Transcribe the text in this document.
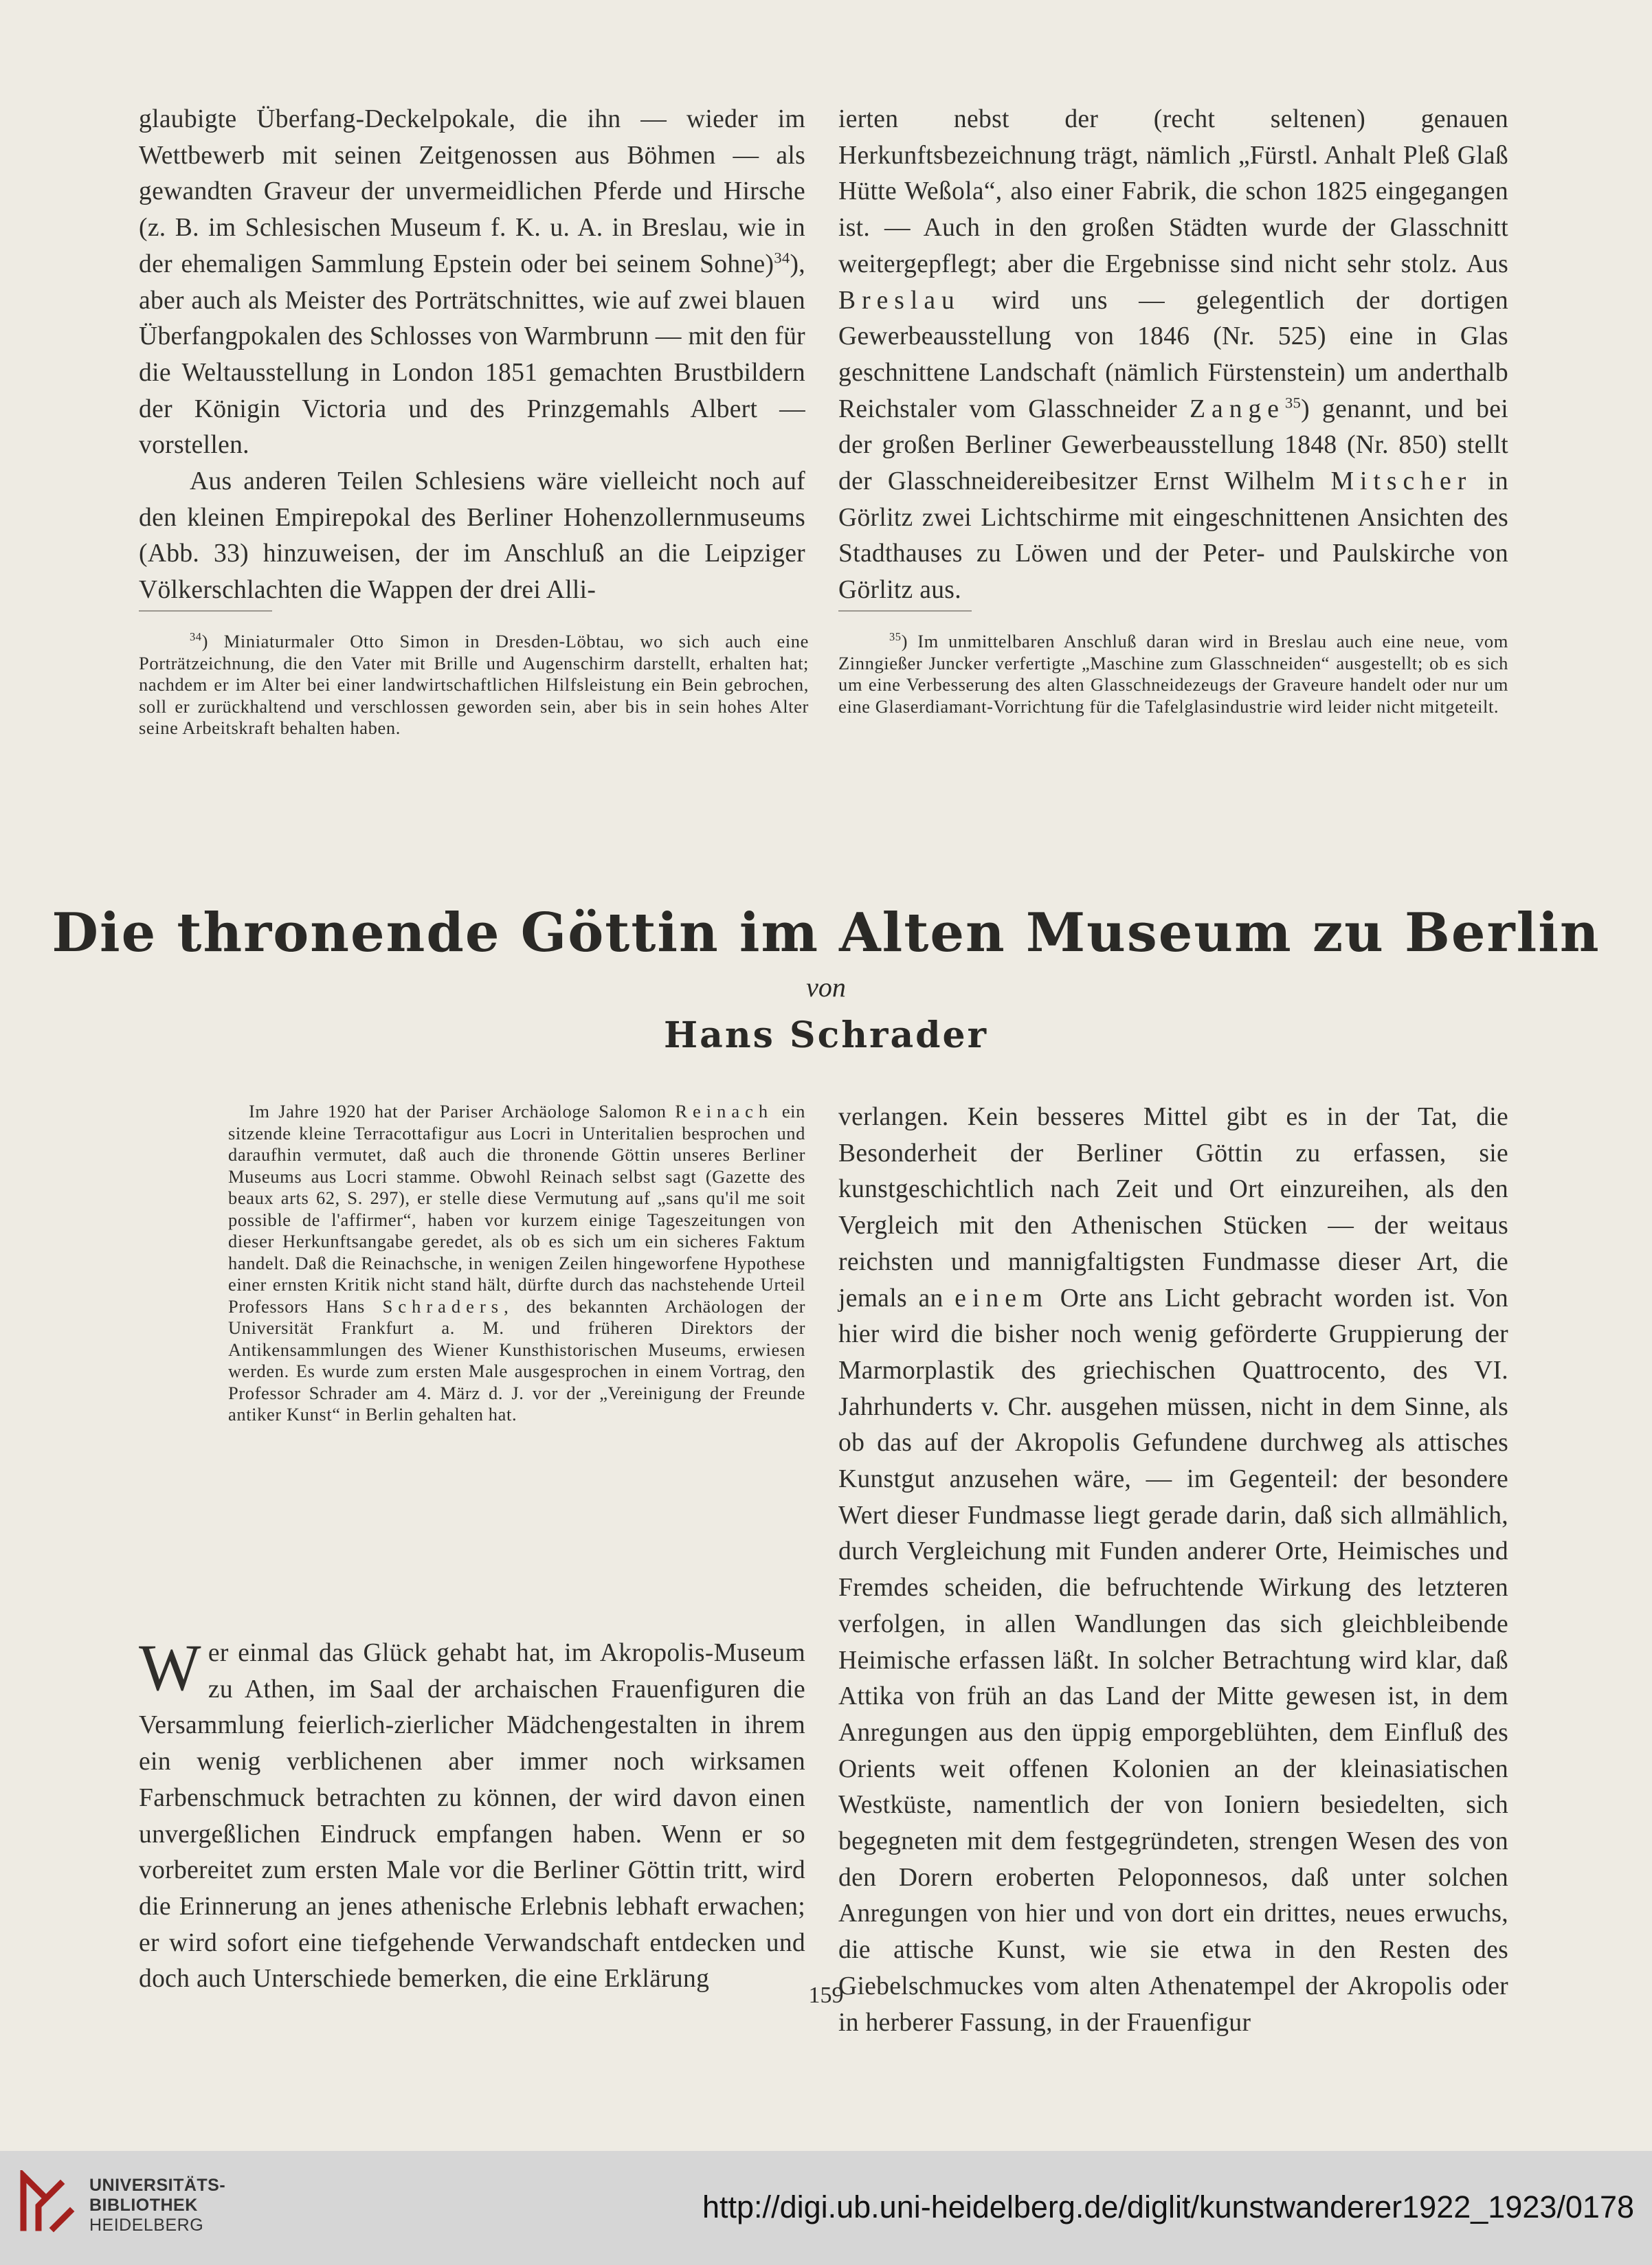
glaubigte Überfang-Deckelpokale, die ihn — wieder im Wettbewerb mit seinen Zeitgenossen aus Böhmen — als gewandten Graveur der unvermeidlichen Pferde und Hirsche (z. B. im Schlesischen Museum f. K. u. A. in Breslau, wie in der ehemaligen Sammlung Epstein oder bei seinem Sohne)$^{34}$), aber auch als Meister des Porträtschnittes, wie auf zwei blauen Überfangpokalen des Schlosses von Warmbrunn — mit den für die Weltausstellung in London 1851 gemachten Brustbildern der Königin Victoria und des Prinzgemahls Albert — vorstellen.

Aus anderen Teilen Schlesiens wäre vielleicht noch auf den kleinen Empirepokal des Berliner Hohenzollernmuseums (Abb. 33) hinzuweisen, der im Anschluß an die Leipziger Völkerschlachten die Wappen der drei Alli-

ierten nebst der (recht seltenen) genauen Herkunftsbezeichnung trägt, nämlich „Fürstl. Anhalt Pleß Glaß Hütte Weßola“, also einer Fabrik, die schon 1825 eingegangen ist. — Auch in den großen Städten wurde der Glasschnitt weitergepflegt; aber die Ergebnisse sind nicht sehr stolz. Aus Breslau wird uns — gelegentlich der dortigen Gewerbeausstellung von 1846 (Nr. 525) eine in Glas geschnittene Landschaft (nämlich Fürstenstein) um anderthalb Reichstaler vom Glasschneider Zange$^{35}$) genannt, und bei der großen Berliner Gewerbeausstellung 1848 (Nr. 850) stellt der Glasschneidereibesitzer Ernst Wilhelm Mitscher in Görlitz zwei Lichtschirme mit eingeschnittenen Ansichten des Stadthauses zu Löwen und der Peter- und Paulskirche von Görlitz aus.

$^{34}$) Miniaturmaler Otto Simon in Dresden-Löbtau, wo sich auch eine Porträtzeichnung, die den Vater mit Brille und Augenschirm darstellt, erhalten hat; nachdem er im Alter bei einer landwirtschaftlichen Hilfsleistung ein Bein gebrochen, soll er zurückhaltend und verschlossen geworden sein, aber bis in sein hohes Alter seine Arbeitskraft behalten haben.

$^{35}$) Im unmittelbaren Anschluß daran wird in Breslau auch eine neue, vom Zinngießer Juncker verfertigte „Maschine zum Glasschneiden“ ausgestellt; ob es sich um eine Verbesserung des alten Glasschneidezeugs der Graveure handelt oder nur um eine Glaserdiamant-Vorrichtung für die Tafelglasindustrie wird leider nicht mitgeteilt.

Die thronende Göttin im Alten Museum zu Berlin
von
Hans Schrader

Im Jahre 1920 hat der Pariser Archäologe Salomon Reinach ein sitzende kleine Terracottafigur aus Locri in Unteritalien besprochen und daraufhin vermutet, daß auch die thronende Göttin unseres Berliner Museums aus Locri stamme. Obwohl Reinach selbst sagt (Gazette des beaux arts 62, S. 297), er stelle diese Vermutung auf „sans qu'il me soit possible de l'affirmer“, haben vor kurzem einige Tageszeitungen von dieser Herkunftsangabe geredet, als ob es sich um ein sicheres Faktum handelt. Daß die Reinachsche, in wenigen Zeilen hingeworfene Hypothese einer ernsten Kritik nicht stand hält, dürfte durch das nachstehende Urteil Professors Hans Schraders, des bekannten Archäologen der Universität Frankfurt a. M. und früheren Direktors der Antikensammlungen des Wiener Kunsthistorischen Museums, erwiesen werden. Es wurde zum ersten Male ausgesprochen in einem Vortrag, den Professor Schrader am 4. März d. J. vor der „Vereinigung der Freunde antiker Kunst“ in Berlin gehalten hat.

Wer einmal das Glück gehabt hat, im Akropolis-Museum zu Athen, im Saal der archaischen Frauenfiguren die Versammlung feierlich-zierlicher Mädchengestalten in ihrem ein wenig verblichenen aber immer noch wirksamen Farbenschmuck betrachten zu können, der wird davon einen unvergeßlichen Eindruck empfangen haben. Wenn er so vorbereitet zum ersten Male vor die Berliner Göttin tritt, wird die Erinnerung an jenes athenische Erlebnis lebhaft erwachen; er wird sofort eine tiefgehende Verwandschaft entdecken und doch auch Unterschiede bemerken, die eine Erklärung

verlangen. Kein besseres Mittel gibt es in der Tat, die Besonderheit der Berliner Göttin zu erfassen, sie kunstgeschichtlich nach Zeit und Ort einzureihen, als den Vergleich mit den Athenischen Stücken — der weitaus reichsten und mannigfaltigsten Fundmasse dieser Art, die jemals an einem Orte ans Licht gebracht worden ist. Von hier wird die bisher noch wenig geförderte Gruppierung der Marmorplastik des griechischen Quattrocento, des VI. Jahrhunderts v. Chr. ausgehen müssen, nicht in dem Sinne, als ob das auf der Akropolis Gefundene durchweg als attisches Kunstgut anzusehen wäre, — im Gegenteil: der besondere Wert dieser Fundmasse liegt gerade darin, daß sich allmählich, durch Vergleichung mit Funden anderer Orte, Heimisches und Fremdes scheiden, die befruchtende Wirkung des letzteren verfolgen, in allen Wandlungen das sich gleichbleibende Heimische erfassen läßt. In solcher Betrachtung wird klar, daß Attika von früh an das Land der Mitte gewesen ist, in dem Anregungen aus den üppig emporgeblühten, dem Einfluß des Orients weit offenen Kolonien an der kleinasiatischen Westküste, namentlich der von Ioniern besiedelten, sich begegneten mit dem festgegründeten, strengen Wesen des von den Dorern eroberten Peloponnesos, daß unter solchen Anregungen von hier und von dort ein drittes, neues erwuchs, die attische Kunst, wie sie etwa in den Resten des Giebelschmuckes vom alten Athenatempel der Akropolis oder in herberer Fassung, in der Frauenfigur

159
UNIVERSITÄTS-
BIBLIOTHEK
HEIDELBERG
http://digi.ub.uni-heidelberg.de/diglit/kunstwanderer1922_1923/0178
